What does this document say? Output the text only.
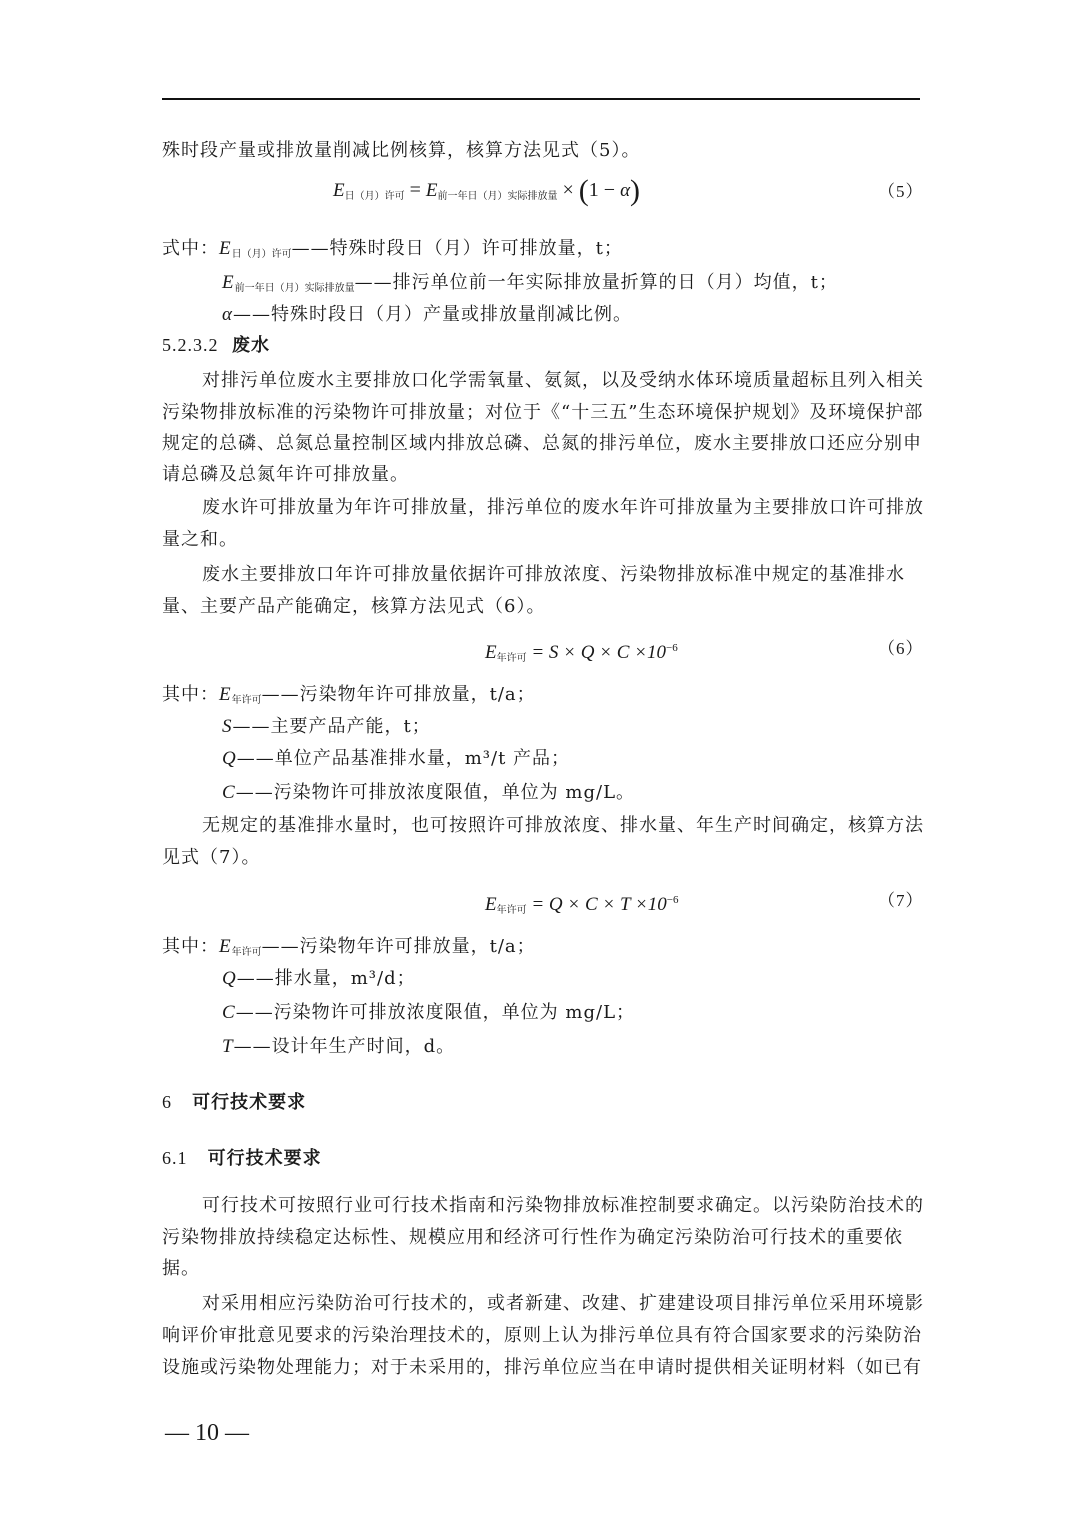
殊时段产量或排放量削减比例核算，核算方法见式（5）。
$E_{日(月)许可} = E_{前一年日(月)实际排放量} \times (1 - \alpha)$	（5）
式中：$E_{日(月)许可}——$特殊时段日（月）许可排放量，t；
$E_{前一年日(月)实际排放量}——$排污单位前一年实际排放量折算的日（月）均值，t；
α——特殊时段日（月）产量或排放量削减比例。
5.2.3.2 废水
对排污单位废水主要排放口化学需氧量、氨氮，以及受纳水体环境质量超标且列入相关
污染物排放标准的污染物许可排放量；对位于《“十三五”生态环境保护规划》及环境保护部
规定的总磷、总氮总量控制区域内排放总磷、总氮的排污单位，废水主要排放口还应分别申
请总磷及总氮年许可排放量。
废水许可排放量为年许可排放量，排污单位的废水年许可排放量为主要排放口许可排放
量之和。
废水主要排放口年许可排放量依据许可排放浓度、污染物排放标准中规定的基准排水
量、主要产品产能确定，核算方法见式（6）。
$E_{年许可} = S \times Q \times C \times 10^{-6}$	（6）
其中：$E_{年许可}——$污染物年许可排放量，t/a；
S——主要产品产能，t；
Q——单位产品基准排水量，m³/t 产品；
C——污染物许可排放浓度限值，单位为 mg/L。
无规定的基准排水量时，也可按照许可排放浓度、排水量、年生产时间确定，核算方法
见式（7）。
$E_{年许可} = Q \times C \times T \times 10^{-6}$	（7）
其中：$E_{年许可}——$污染物年许可排放量，t/a；
Q——排水量，m³/d；
C——污染物许可排放浓度限值，单位为 mg/L；
T——设计年生产时间，d。
6 可行技术要求
6.1 可行技术要求
可行技术可按照行业可行技术指南和污染物排放标准控制要求确定。以污染防治技术的
污染物排放持续稳定达标性、规模应用和经济可行性作为确定污染防治可行技术的重要依
据。
对采用相应污染防治可行技术的，或者新建、改建、扩建建设项目排污单位采用环境影
响评价审批意见要求的污染治理技术的，原则上认为排污单位具有符合国家要求的污染防治
设施或污染物处理能力；对于未采用的，排污单位应当在申请时提供相关证明材料（如已有
— 10 —
